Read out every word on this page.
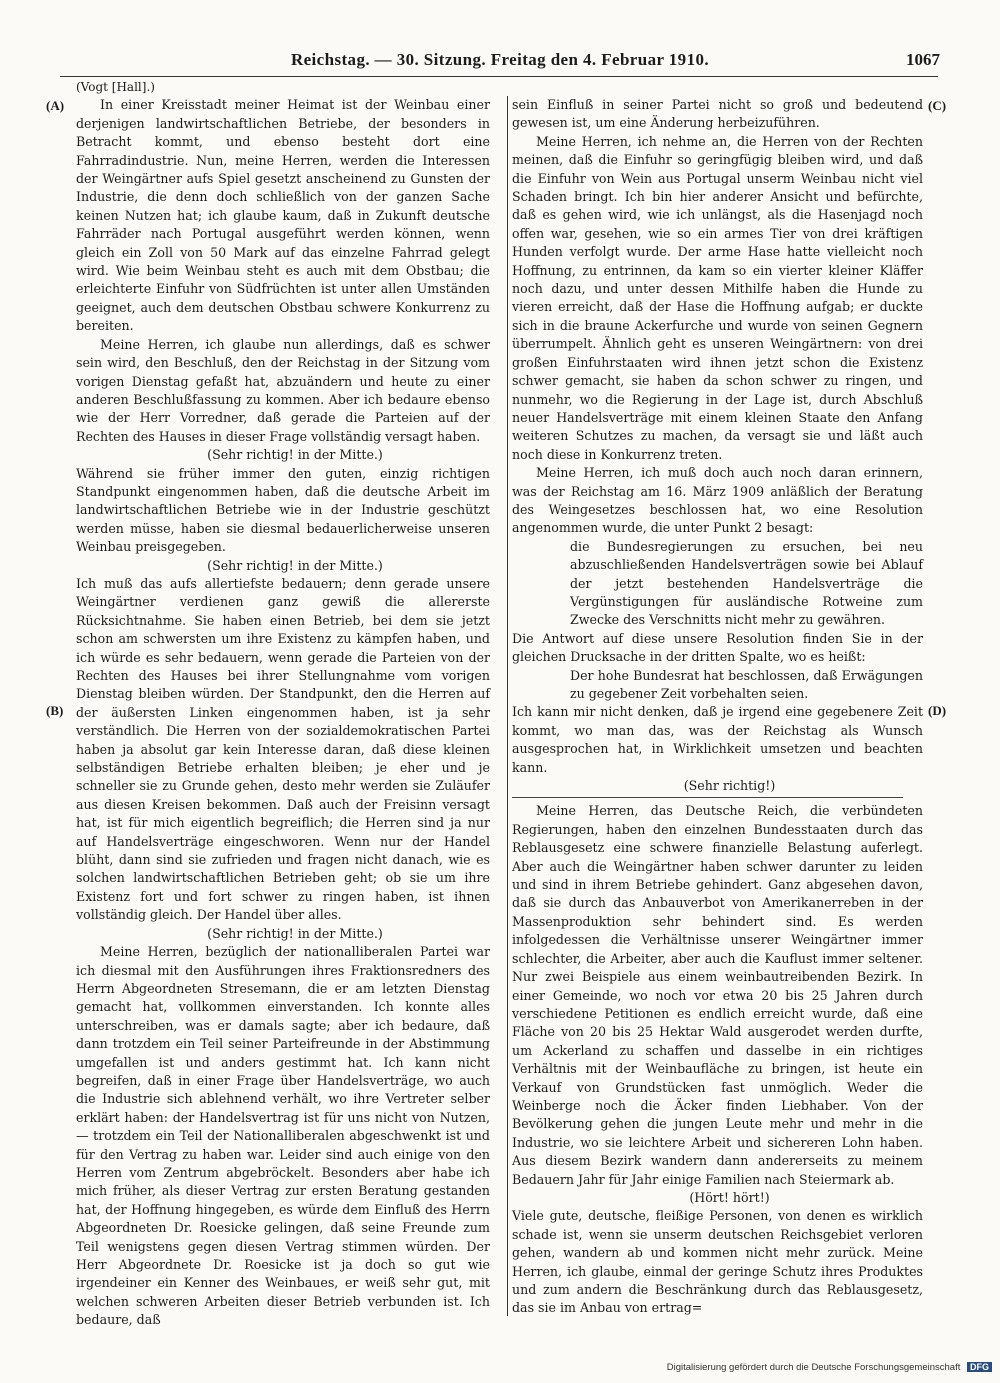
Reichstag. — 30. Sitzung. Freitag den 4. Februar 1910.	1067
(A)
(B)
(C)
(D)

(Vogt [Hall].)

In einer Kreisstadt meiner Heimat ist der Weinbau einer derjenigen landwirtschaftlichen Betriebe, der besonders in Betracht kommt, und ebenso besteht dort eine Fahrradindustrie. Nun, meine Herren, werden die Interessen der Weingärtner aufs Spiel gesetzt anscheinend zu Gunsten der Industrie, die denn doch schließlich von der ganzen Sache keinen Nutzen hat; ich glaube kaum, daß in Zukunft deutsche Fahrräder nach Portugal ausgeführt werden können, wenn gleich ein Zoll von 50 Mark auf das einzelne Fahrrad gelegt wird. Wie beim Weinbau steht es auch mit dem Obstbau; die erleichterte Einfuhr von Südfrüchten ist unter allen Umständen geeignet, auch dem deutschen Obstbau schwere Konkurrenz zu bereiten.

Meine Herren, ich glaube nun allerdings, daß es schwer sein wird, den Beschluß, den der Reichstag in der Sitzung vom vorigen Dienstag gefaßt hat, abzuändern und heute zu einer anderen Beschlußfassung zu kommen. Aber ich bedaure ebenso wie der Herr Vorredner, daß gerade die Parteien auf der Rechten des Hauses in dieser Frage vollständig versagt haben.

(Sehr richtig! in der Mitte.)

Während sie früher immer den guten, einzig richtigen Standpunkt eingenommen haben, daß die deutsche Arbeit im landwirtschaftlichen Betriebe wie in der Industrie geschützt werden müsse, haben sie diesmal bedauerlicherweise unseren Weinbau preisgegeben.

(Sehr richtig! in der Mitte.)

Ich muß das aufs allertiefste bedauern; denn gerade unsere Weingärtner verdienen ganz gewiß die allererste Rücksichtnahme. Sie haben einen Betrieb, bei dem sie jetzt schon am schwersten um ihre Existenz zu kämpfen haben, und ich würde es sehr bedauern, wenn gerade die Parteien von der Rechten des Hauses bei ihrer Stellungnahme vom vorigen Dienstag bleiben würden. Der Standpunkt, den die Herren auf der äußersten Linken eingenommen haben, ist ja sehr verständlich. Die Herren von der sozialdemokratischen Partei haben ja absolut gar kein Interesse daran, daß diese kleinen selbständigen Betriebe erhalten bleiben; je eher und je schneller sie zu Grunde gehen, desto mehr werden sie Zuläufer aus diesen Kreisen bekommen. Daß auch der Freisinn versagt hat, ist für mich eigentlich begreiflich; die Herren sind ja nur auf Handelsverträge eingeschworen. Wenn nur der Handel blüht, dann sind sie zufrieden und fragen nicht danach, wie es solchen landwirtschaftlichen Betrieben geht; ob sie um ihre Existenz fort und fort schwer zu ringen haben, ist ihnen vollständig gleich. Der Handel über alles.

(Sehr richtig! in der Mitte.)

Meine Herren, bezüglich der nationalliberalen Partei war ich diesmal mit den Ausführungen ihres Fraktionsredners des Herrn Abgeordneten Stresemann, die er am letzten Dienstag gemacht hat, vollkommen einverstanden. Ich konnte alles unterschreiben, was er damals sagte; aber ich bedaure, daß dann trotzdem ein Teil seiner Parteifreunde in der Abstimmung umgefallen ist und anders gestimmt hat. Ich kann nicht begreifen, daß in einer Frage über Handelsverträge, wo auch die Industrie sich ablehnend verhält, wo ihre Vertreter selber erklärt haben: der Handelsvertrag ist für uns nicht von Nutzen, — trotzdem ein Teil der Nationalliberalen abgeschwenkt ist und für den Vertrag zu haben war. Leider sind auch einige von den Herren vom Zentrum abgebröckelt. Besonders aber habe ich mich früher, als dieser Vertrag zur ersten Beratung gestanden hat, der Hoffnung hingegeben, es würde dem Einfluß des Herrn Abgeordneten Dr. Roesicke gelingen, daß seine Freunde zum Teil wenigstens gegen diesen Vertrag stimmen würden. Der Herr Abgeordnete Dr. Roesicke ist ja doch so gut wie irgendeiner ein Kenner des Weinbaues, er weiß sehr gut, mit welchen schweren Arbeiten dieser Betrieb verbunden ist. Ich bedaure, daß

sein Einfluß in seiner Partei nicht so groß und bedeutend gewesen ist, um eine Änderung herbeizuführen.

Meine Herren, ich nehme an, die Herren von der Rechten meinen, daß die Einfuhr so geringfügig bleiben wird, und daß die Einfuhr von Wein aus Portugal unserm Weinbau nicht viel Schaden bringt. Ich bin hier anderer Ansicht und befürchte, daß es gehen wird, wie ich unlängst, als die Hasenjagd noch offen war, gesehen, wie so ein armes Tier von drei kräftigen Hunden verfolgt wurde. Der arme Hase hatte vielleicht noch Hoffnung, zu entrinnen, da kam so ein vierter kleiner Kläffer noch dazu, und unter dessen Mithilfe haben die Hunde zu vieren erreicht, daß der Hase die Hoffnung aufgab; er duckte sich in die braune Ackerfurche und wurde von seinen Gegnern überrumpelt. Ähnlich geht es unseren Weingärtnern: von drei großen Einfuhrstaaten wird ihnen jetzt schon die Existenz schwer gemacht, sie haben da schon schwer zu ringen, und nunmehr, wo die Regierung in der Lage ist, durch Abschluß neuer Handelsverträge mit einem kleinen Staate den Anfang weiteren Schutzes zu machen, da versagt sie und läßt auch noch diese in Konkurrenz treten.

Meine Herren, ich muß doch auch noch daran erinnern, was der Reichstag am 16. März 1909 anläßlich der Beratung des Weingesetzes beschlossen hat, wo eine Resolution angenommen wurde, die unter Punkt 2 besagt:

die Bundesregierungen zu ersuchen, bei neu abzuschließenden Handelsverträgen sowie bei Ablauf der jetzt bestehenden Handelsverträge die Vergünstigungen für ausländische Rotweine zum Zwecke des Verschnitts nicht mehr zu gewähren.

Die Antwort auf diese unsere Resolution finden Sie in der gleichen Drucksache in der dritten Spalte, wo es heißt:

Der hohe Bundesrat hat beschlossen, daß Erwägungen zu gegebener Zeit vorbehalten seien.

Ich kann mir nicht denken, daß je irgend eine gegebenere Zeit kommt, wo man das, was der Reichstag als Wunsch ausgesprochen hat, in Wirklichkeit umsetzen und beachten kann.

(Sehr richtig!)

Meine Herren, das Deutsche Reich, die verbündeten Regierungen, haben den einzelnen Bundesstaaten durch das Reblausgesetz eine schwere finanzielle Belastung auferlegt. Aber auch die Weingärtner haben schwer darunter zu leiden und sind in ihrem Betriebe gehindert. Ganz abgesehen davon, daß sie durch das Anbauverbot von Amerikanerreben in der Massenproduktion sehr behindert sind. Es werden infolgedessen die Verhältnisse unserer Weingärtner immer schlechter, die Arbeiter, aber auch die Kauflust immer seltener. Nur zwei Beispiele aus einem weinbautreibenden Bezirk. In einer Gemeinde, wo noch vor etwa 20 bis 25 Jahren durch verschiedene Petitionen es endlich erreicht wurde, daß eine Fläche von 20 bis 25 Hektar Wald ausgerodet werden durfte, um Ackerland zu schaffen und dasselbe in ein richtiges Verhältnis mit der Weinbaufläche zu bringen, ist heute ein Verkauf von Grundstücken fast unmöglich. Weder die Weinberge noch die Äcker finden Liebhaber. Von der Bevölkerung gehen die jungen Leute mehr und mehr in die Industrie, wo sie leichtere Arbeit und sichereren Lohn haben. Aus diesem Bezirk wandern dann andererseits zu meinem Bedauern Jahr für Jahr einige Familien nach Steiermark ab.

(Hört! hört!)

Viele gute, deutsche, fleißige Personen, von denen es wirklich schade ist, wenn sie unserm deutschen Reichsgebiet verloren gehen, wandern ab und kommen nicht mehr zurück. Meine Herren, ich glaube, einmal der geringe Schutz ihres Produktes und zum andern die Beschränkung durch das Reblausgesetz, das sie im Anbau von ertrag=

Digitalisierung gefördert durch die Deutsche Forschungsgemeinschaft DFG
